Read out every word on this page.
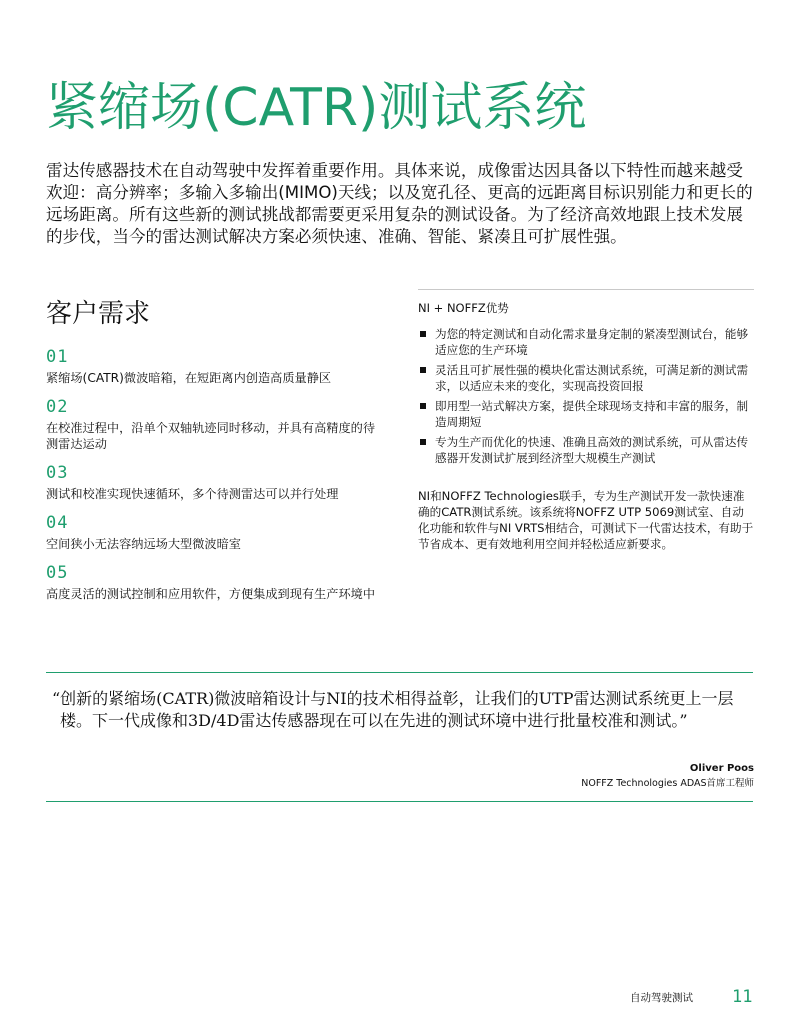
紧缩场(CATR)测试系统

雷达传感器技术在自动驾驶中发挥着重要作用。具体来说，成像雷达因具备以下特性而越来越受欢迎：高分辨率；多输入多输出(MIMO)天线；以及宽孔径、更高的远距离目标识别能力和更长的远场距离。所有这些新的测试挑战都需要更采用复杂的测试设备。为了经济高效地跟上技术发展的步伐，当今的雷达测试解决方案必须快速、准确、智能、紧凑且可扩展性强。

客户需求
01
紧缩场(CATR)微波暗箱，在短距离内创造高质量静区
02
在校准过程中，沿单个双轴轨迹同时移动，并具有高精度的待测雷达运动
03
测试和校准实现快速循环，多个待测雷达可以并行处理
04
空间狭小无法容纳远场大型微波暗室
05
高度灵活的测试控制和应用软件，方便集成到现有生产环境中
NI + NOFFZ优势
为您的特定测试和自动化需求量身定制的紧凑型测试台，能够适应您的生产环境
灵活且可扩展性强的模块化雷达测试系统，可满足新的测试需求，以适应未来的变化，实现高投资回报
即用型一站式解决方案，提供全球现场支持和丰富的服务，制造周期短
专为生产而优化的快速、准确且高效的测试系统，可从雷达传感器开发测试扩展到经济型大规模生产测试

NI和NOFFZ Technologies联手，专为生产测试开发一款快速准确的CATR测试系统。该系统将NOFFZ UTP 5069测试室、自动化功能和软件与NI VRTS相结合，可测试下一代雷达技术，有助于节省成本、更有效地利用空间并轻松适应新要求。

“创新的紧缩场(CATR)微波暗箱设计与NI的技术相得益彰，让我们的UTP雷达测试系统更上一层楼。下一代成像和3D/4D雷达传感器现在可以在先进的测试环境中进行批量校准和测试。”

Oliver Poos
NOFFZ Technologies ADAS首席工程师
自动驾驶测试 11
